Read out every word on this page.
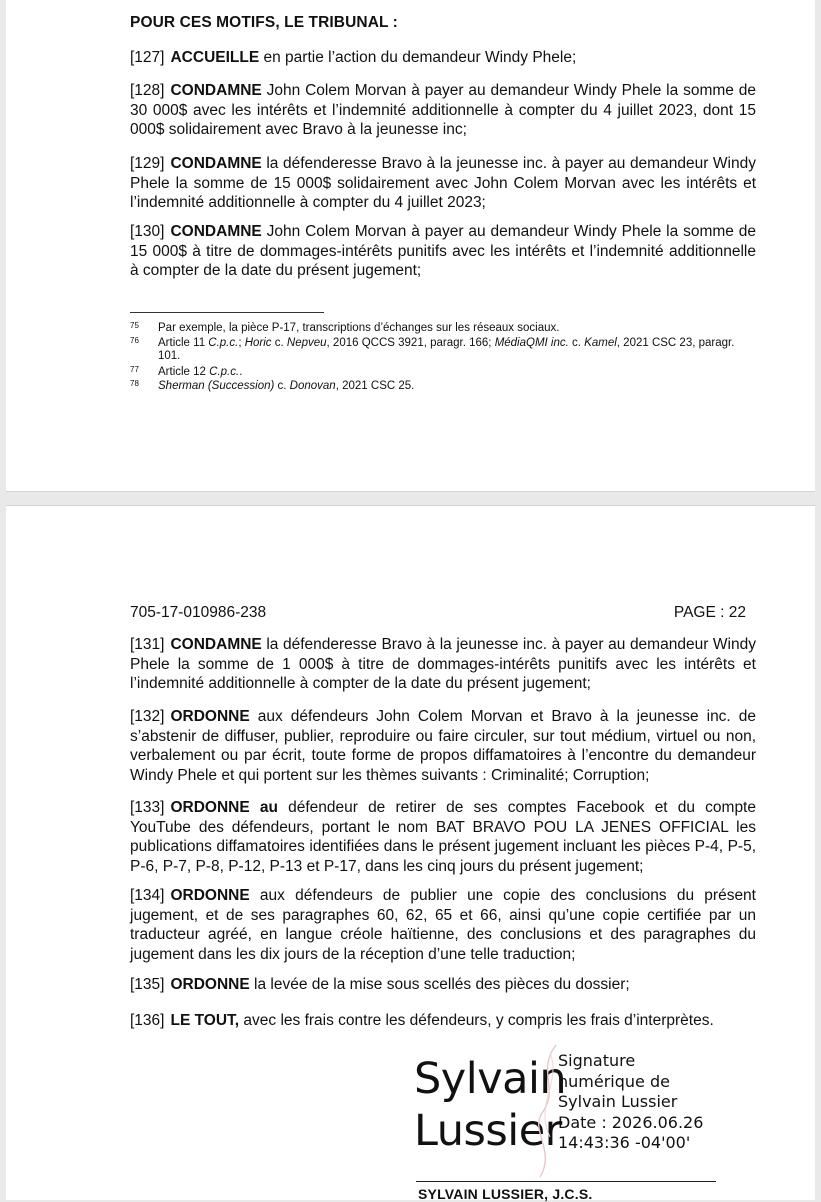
POUR CES MOTIFS, LE TRIBUNAL :

[127] ACCUEILLE en partie l’action du demandeur Windy Phele;

[128] CONDAMNE John Colem Morvan à payer au demandeur Windy Phele la somme de 30 000$ avec les intérêts et l’indemnité additionnelle à compter du 4 juillet 2023, dont 15 000$ solidairement avec Bravo à la jeunesse inc;

[129] CONDAMNE la défenderesse Bravo à la jeunesse inc. à payer au demandeur Windy Phele la somme de 15 000$ solidairement avec John Colem Morvan avec les intérêts et l’indemnité additionnelle à compter du 4 juillet 2023;

[130] CONDAMNE John Colem Morvan à payer au demandeur Windy Phele la somme de 15 000$ à titre de dommages-intérêts punitifs avec les intérêts et l’indemnité additionnelle à compter de la date du présent jugement;

75 Par exemple, la pièce P-17, transcriptions d’échanges sur les réseaux sociaux.
76 Article 11 C.p.c.; Horic c. Nepveu, 2016 QCCS 3921, paragr. 166; MédiaQMI inc. c. Kamel, 2021 CSC 23, paragr. 101.
77 Article 12 C.p.c..
78 Sherman (Succession) c. Donovan, 2021 CSC 25.
705-17-010986-238	PAGE : 22

[131] CONDAMNE la défenderesse Bravo à la jeunesse inc. à payer au demandeur Windy Phele la somme de 1 000$ à titre de dommages-intérêts punitifs avec les intérêts et l’indemnité additionnelle à compter de la date du présent jugement;

[132] ORDONNE aux défendeurs John Colem Morvan et Bravo à la jeunesse inc. de s’abstenir de diffuser, publier, reproduire ou faire circuler, sur tout médium, virtuel ou non, verbalement ou par écrit, toute forme de propos diffamatoires à l’encontre du demandeur Windy Phele et qui portent sur les thèmes suivants : Criminalité; Corruption;

[133] ORDONNE au défendeur de retirer de ses comptes Facebook et du compte YouTube des défendeurs, portant le nom BAT BRAVO POU LA JENES OFFICIAL les publications diffamatoires identifiées dans le présent jugement incluant les pièces P-4, P-5, P-6, P-7, P-8, P-12, P-13 et P-17, dans les cinq jours du présent jugement;

[134] ORDONNE aux défendeurs de publier une copie des conclusions du présent jugement, et de ses paragraphes 60, 62, 65 et 66, ainsi qu’une copie certifiée par un traducteur agréé, en langue créole haïtienne, des conclusions et des paragraphes du jugement dans les dix jours de la réception d’une telle traduction;

[135] ORDONNE la levée de la mise sous scellés des pièces du dossier;

[136] LE TOUT, avec les frais contre les défendeurs, y compris les frais d’interprètes.

Sylvain
Lussier
Signature
numérique de
Sylvain Lussier
Date : 2026.06.26
14:43:36 -04'00'
SYLVAIN LUSSIER, J.C.S.
